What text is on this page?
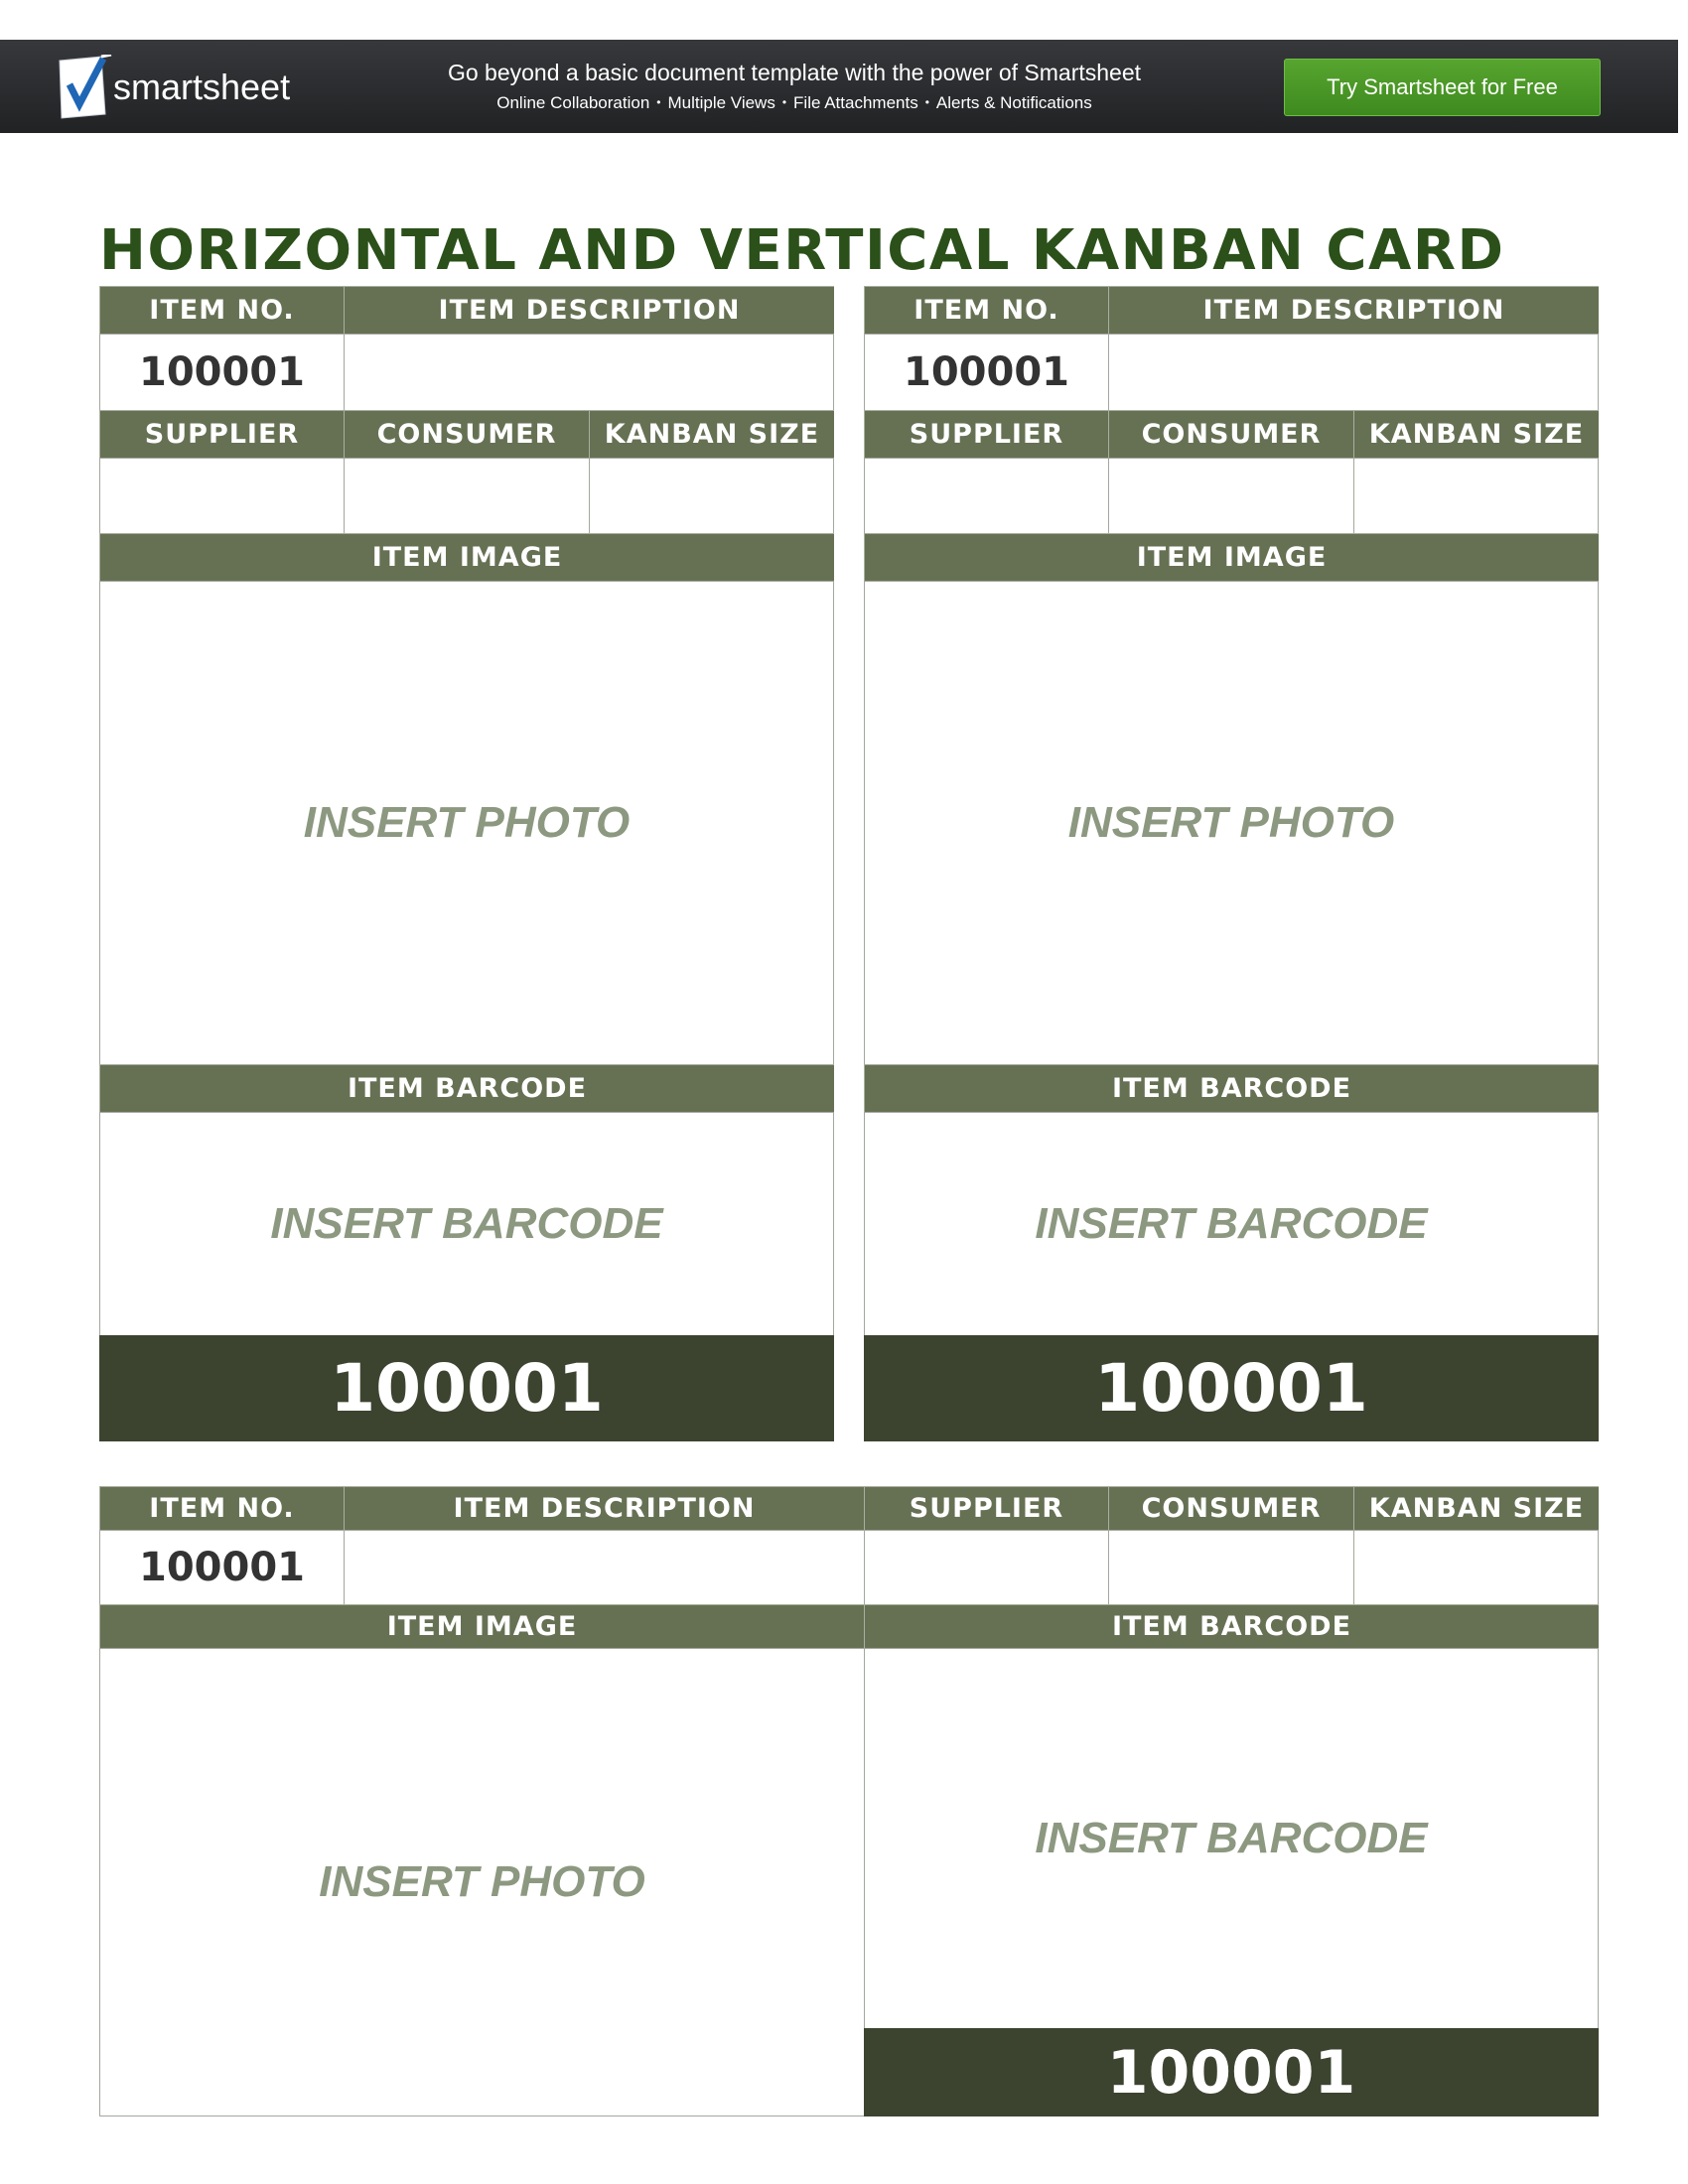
smartsheet	Go beyond a basic document template with the power of Smartsheet
Online Collaboration • Multiple Views • File Attachments • Alerts & Notifications
Try Smartsheet for Free
HORIZONTAL AND VERTICAL KANBAN CARD
ITEM NO.	ITEM DESCRIPTION
100001
SUPPLIER	CONSUMER	KANBAN SIZE
ITEM IMAGE
INSERT PHOTO
ITEM BARCODE
INSERT BARCODE
100001
ITEM NO.	ITEM DESCRIPTION
100001
SUPPLIER	CONSUMER	KANBAN SIZE
ITEM IMAGE
INSERT PHOTO
ITEM BARCODE
INSERT BARCODE
100001
ITEM NO.	ITEM DESCRIPTION	SUPPLIER	CONSUMER	KANBAN SIZE
100001
ITEM IMAGE	ITEM BARCODE
INSERT PHOTO
INSERT BARCODE
100001
